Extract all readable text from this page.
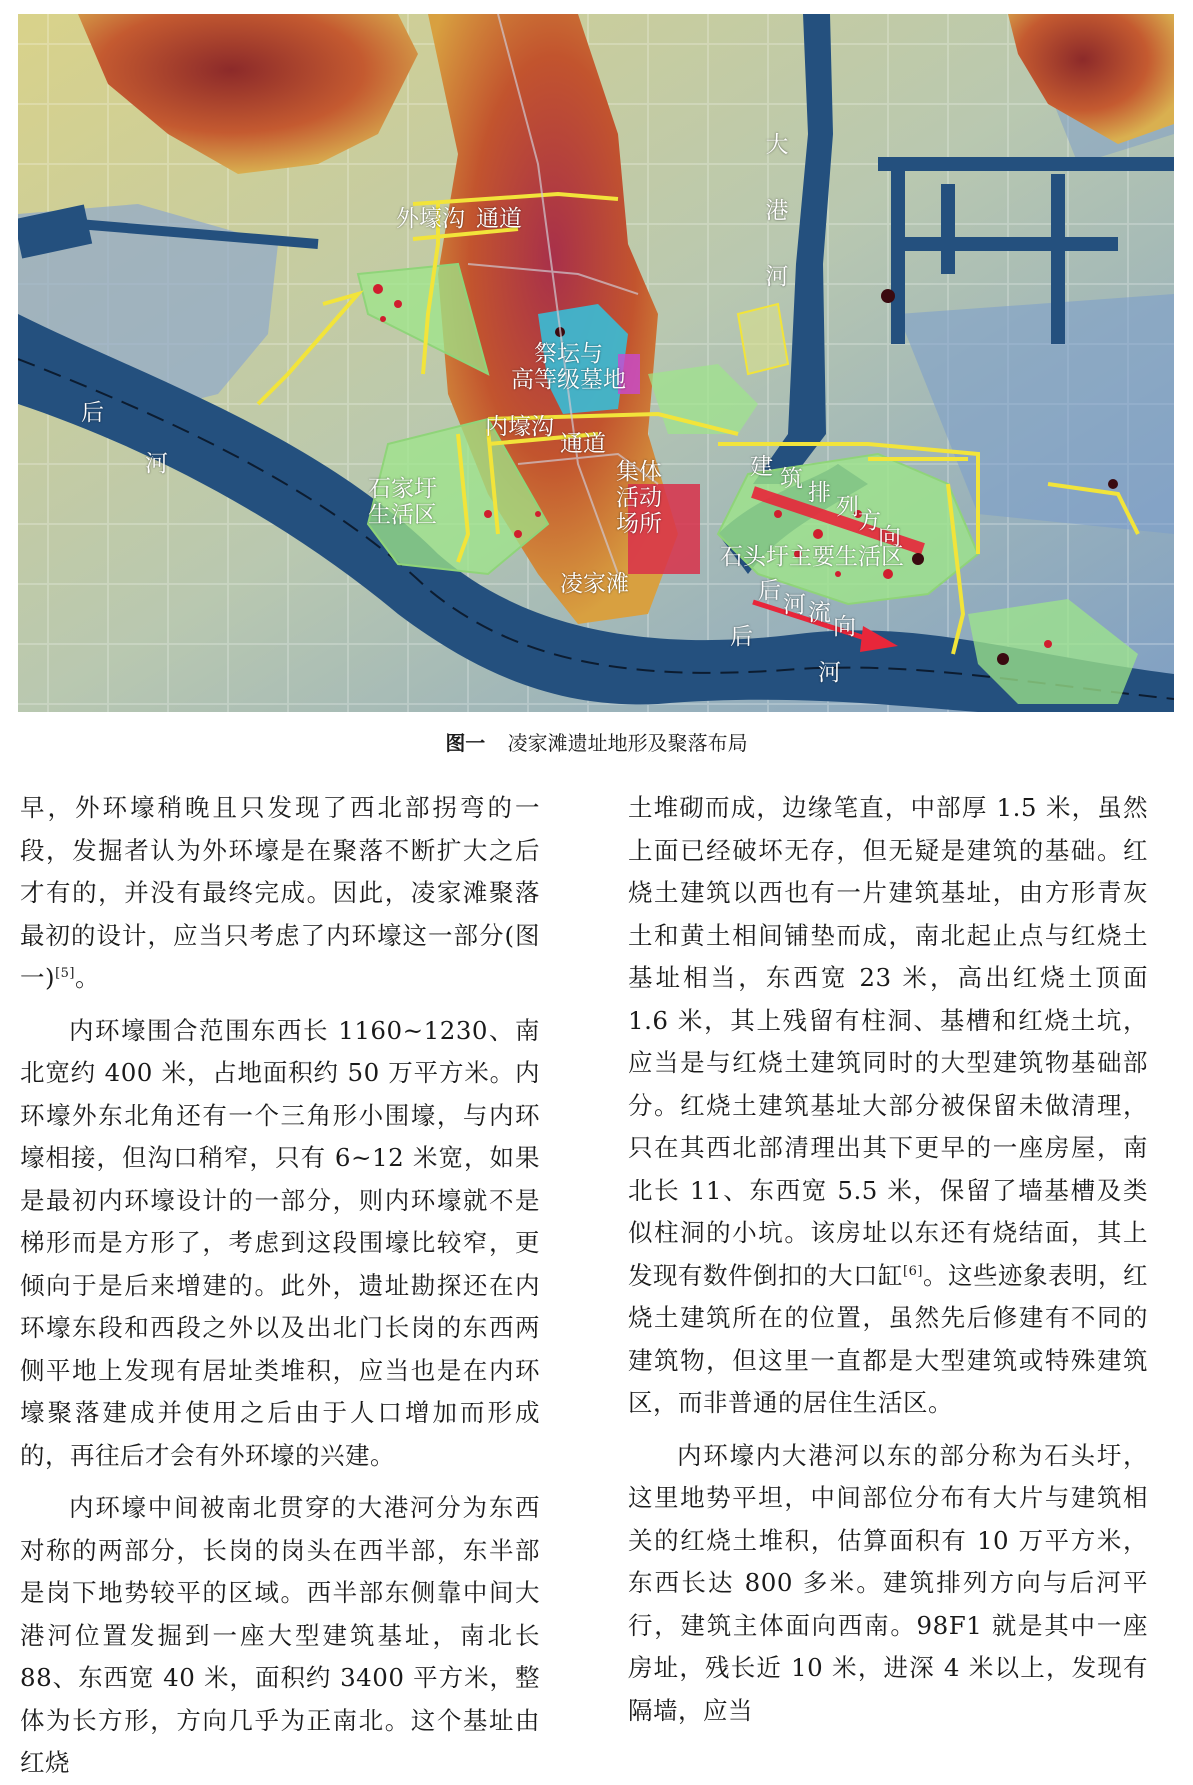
外壕沟 通道
大
港
河
祭坛与
高等级墓地
后
河
内壕沟
通道
石家圩
生活区
集体
活动
场所
建 筑
排
列
方
向
石头圩主要生活区
凌家滩	后
河 流
向
后
河
图一 凌家滩遗址地形及聚落布局

早，外环壕稍晚且只发现了西北部拐弯的一段，发掘者认为外环壕是在聚落不断扩大之后才有的，并没有最终完成。因此，凌家滩聚落最初的设计，应当只考虑了内环壕这一部分(图一)[5]。

内环壕围合范围东西长 1160~1230、南北宽约 400 米，占地面积约 50 万平方米。内环壕外东北角还有一个三角形小围壕，与内环壕相接，但沟口稍窄，只有 6~12 米宽，如果是最初内环壕设计的一部分，则内环壕就不是梯形而是方形了，考虑到这段围壕比较窄，更倾向于是后来增建的。此外，遗址勘探还在内环壕东段和西段之外以及出北门长岗的东西两侧平地上发现有居址类堆积，应当也是在内环壕聚落建成并使用之后由于人口增加而形成的，再往后才会有外环壕的兴建。

内环壕中间被南北贯穿的大港河分为东西对称的两部分，长岗的岗头在西半部，东半部是岗下地势较平的区域。西半部东侧靠中间大港河位置发掘到一座大型建筑基址，南北长 88、东西宽 40 米，面积约 3400 平方米，整体为长方形，方向几乎为正南北。这个基址由红烧

土堆砌而成，边缘笔直，中部厚 1.5 米，虽然上面已经破坏无存，但无疑是建筑的基础。红烧土建筑以西也有一片建筑基址，由方形青灰土和黄土相间铺垫而成，南北起止点与红烧土基址相当，东西宽 23 米，高出红烧土顶面 1.6 米，其上残留有柱洞、基槽和红烧土坑，应当是与红烧土建筑同时的大型建筑物基础部分。红烧土建筑基址大部分被保留未做清理，只在其西北部清理出其下更早的一座房屋，南北长 11、东西宽 5.5 米，保留了墙基槽及类似柱洞的小坑。该房址以东还有烧结面，其上发现有数件倒扣的大口缸[6]。这些迹象表明，红烧土建筑所在的位置，虽然先后修建有不同的建筑物，但这里一直都是大型建筑或特殊建筑区，而非普通的居住生活区。

内环壕内大港河以东的部分称为石头圩，这里地势平坦，中间部位分布有大片与建筑相关的红烧土堆积，估算面积有 10 万平方米，东西长达 800 多米。建筑排列方向与后河平行，建筑主体面向西南。98F1 就是其中一座房址，残长近 10 米，进深 4 米以上，发现有隔墙，应当
